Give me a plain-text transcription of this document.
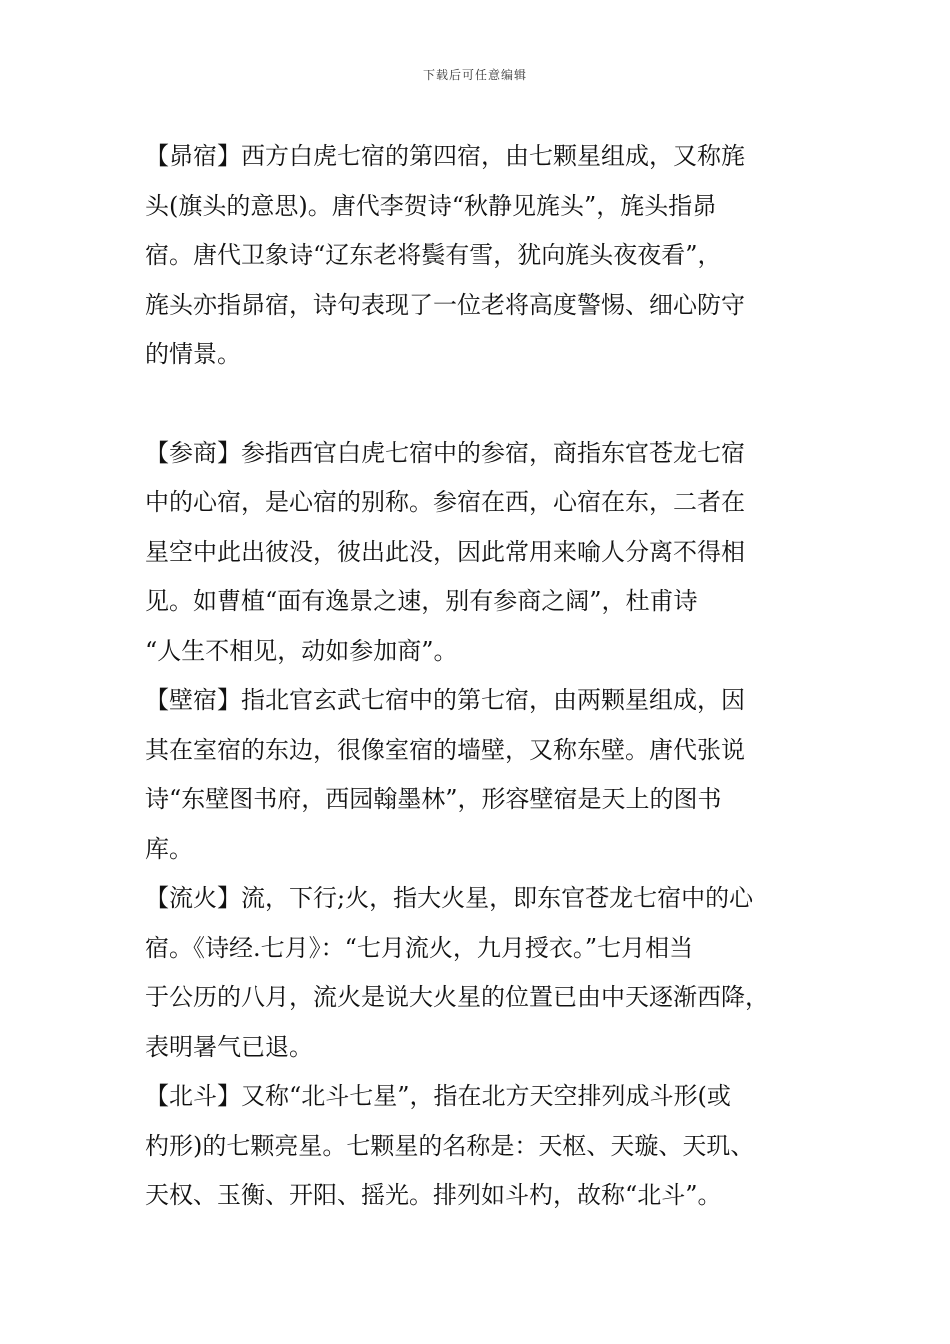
下载后可任意编辑
【昴宿】西方白虎七宿的第四宿，由七颗星组成，又称旄
头(旗头的意思)。唐代李贺诗“秋静见旄头”，旄头指昴
宿。唐代卫象诗“辽东老将鬓有雪，犹向旄头夜夜看”，
旄头亦指昴宿，诗句表现了一位老将高度警惕、细心防守
的情景。
【参商】参指西官白虎七宿中的参宿，商指东官苍龙七宿
中的心宿，是心宿的别称。参宿在西，心宿在东，二者在
星空中此出彼没，彼出此没，因此常用来喻人分离不得相
见。如曹植“面有逸景之速，别有参商之阔”，杜甫诗
“人生不相见，动如参加商”。
【壁宿】指北官玄武七宿中的第七宿，由两颗星组成，因
其在室宿的东边，很像室宿的墙壁，又称东壁。唐代张说
诗“东壁图书府，西园翰墨林”，形容壁宿是天上的图书
库。
【流火】流，下行;火，指大火星，即东官苍龙七宿中的心
宿。《诗经.七月》：“七月流火，九月授衣。”七月相当
于公历的八月，流火是说大火星的位置已由中天逐渐西降，
表明暑气已退。
【北斗】又称“北斗七星”，指在北方天空排列成斗形(或
杓形)的七颗亮星。七颗星的名称是：天枢、天璇、天玑、
天权、玉衡、开阳、摇光。排列如斗杓，故称“北斗”。
